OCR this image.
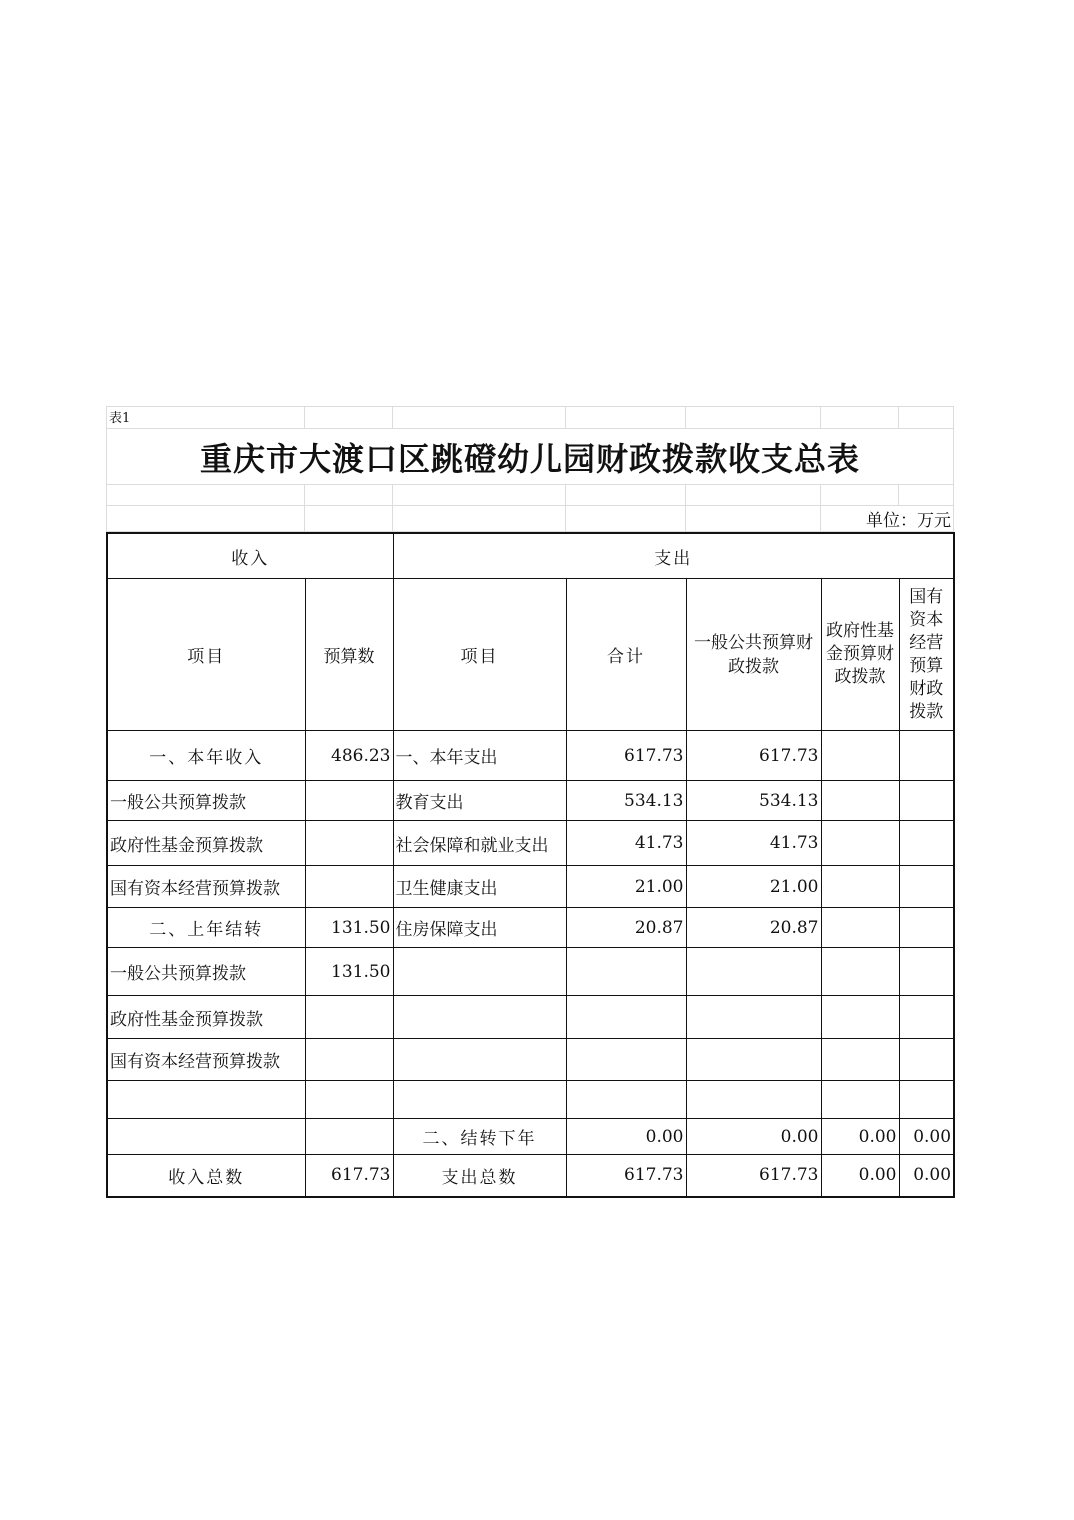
表1						
重庆市大渡口区跳磴幼儿园财政拨款收支总表						

					单位：万元	
收入		支出				
项目	预算数	项目	合计	一般公共预算财政拨款	政府性基金预算财政拨款	国有资本经营预算财政拨款
一、本年收入	486.23	一、本年支出	617.73	617.73		
一般公共预算拨款		教育支出	534.13	534.13		
政府性基金预算拨款		社会保障和就业支出	41.73	41.73		
国有资本经营预算拨款		卫生健康支出	21.00	21.00		
二、上年结转	131.50	住房保障支出	20.87	20.87		
一般公共预算拨款	131.50					
政府性基金预算拨款						
国有资本经营预算拨款						

		二、结转下年	0.00	0.00	0.00	0.00
收入总数	617.73	支出总数	617.73	617.73	0.00	0.00
